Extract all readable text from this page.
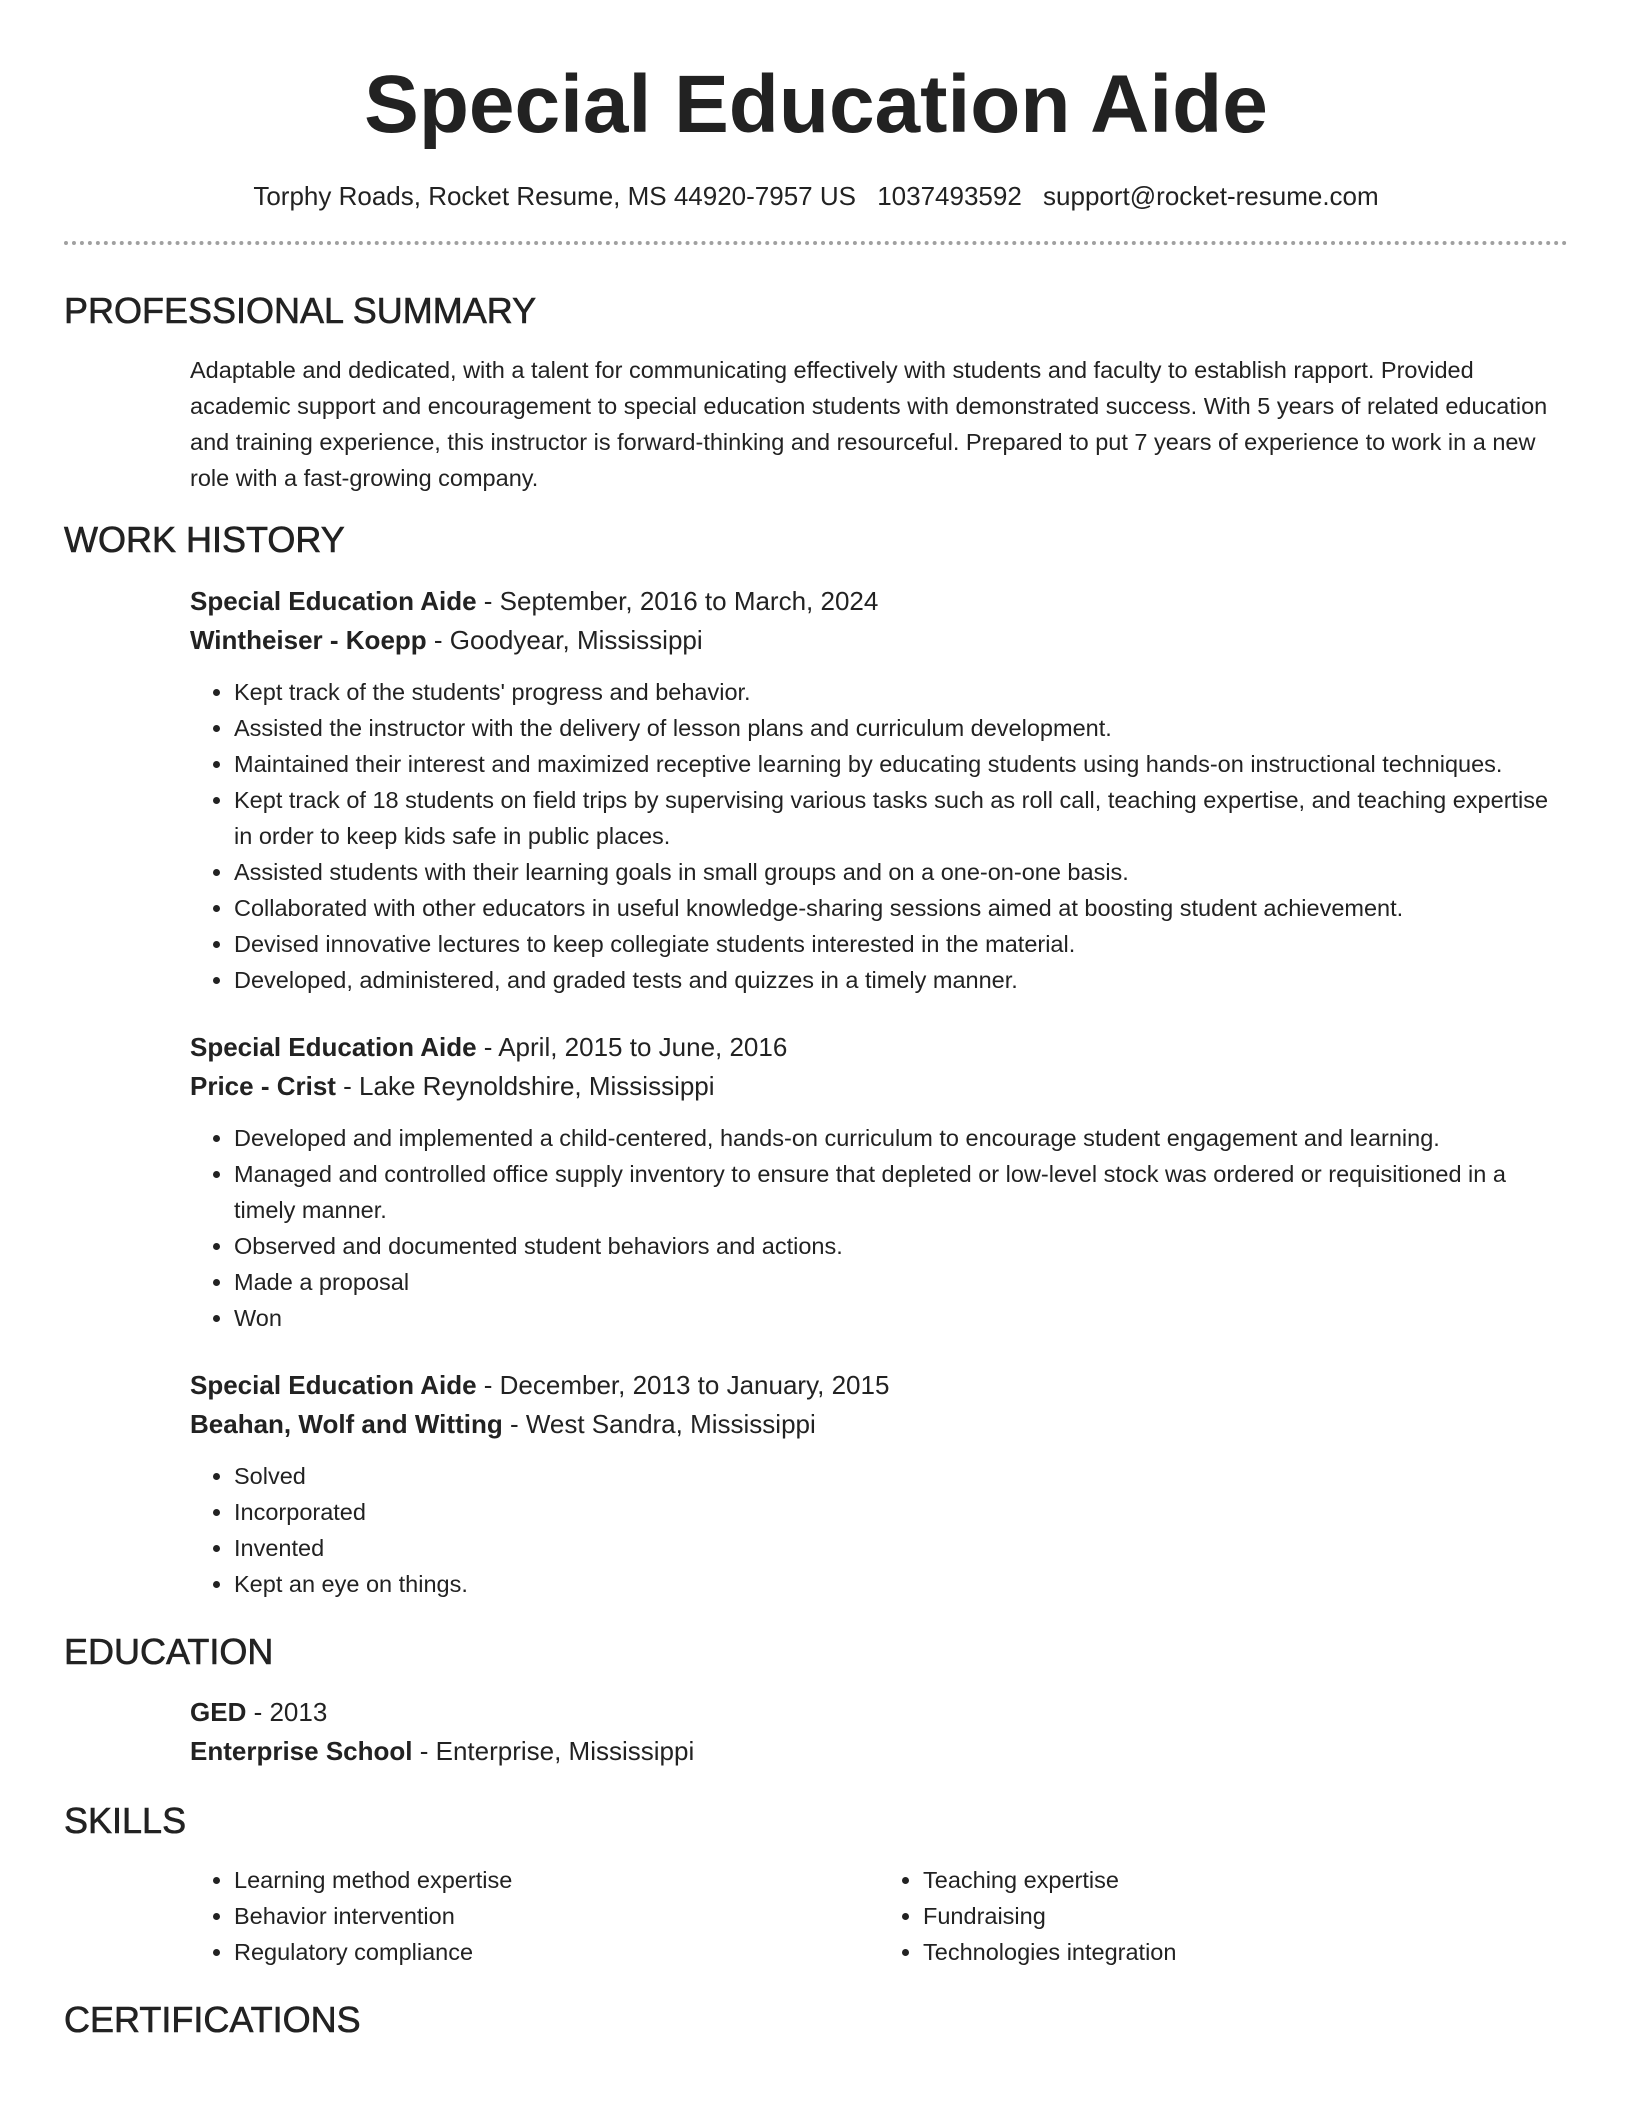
Special Education Aide
Torphy Roads, Rocket Resume, MS 44920-7957 US 1037493592 support@rocket-resume.com
PROFESSIONAL SUMMARY

Adaptable and dedicated, with a talent for communicating effectively with students and faculty to establish rapport. Provided academic support and encouragement to special education students with demonstrated success. With 5 years of related education and training experience, this instructor is forward-thinking and resourceful. Prepared to put 7 years of experience to work in a new role with a fast-growing company.

WORK HISTORY

Special Education Aide - September, 2016 to March, 2024

Wintheiser - Koepp - Goodyear, Mississippi

• Kept track of the students' progress and behavior.
• Assisted the instructor with the delivery of lesson plans and curriculum development.
• Maintained their interest and maximized receptive learning by educating students using hands-on instructional techniques.
• Kept track of 18 students on field trips by supervising various tasks such as roll call, teaching expertise, and teaching expertise in order to keep kids safe in public places.
• Assisted students with their learning goals in small groups and on a one-on-one basis.
• Collaborated with other educators in useful knowledge-sharing sessions aimed at boosting student achievement.
• Devised innovative lectures to keep collegiate students interested in the material.
• Developed, administered, and graded tests and quizzes in a timely manner.

Special Education Aide - April, 2015 to June, 2016

Price - Crist - Lake Reynoldshire, Mississippi

• Developed and implemented a child-centered, hands-on curriculum to encourage student engagement and learning.
• Managed and controlled office supply inventory to ensure that depleted or low-level stock was ordered or requisitioned in a timely manner.
• Observed and documented student behaviors and actions.
• Made a proposal
• Won

Special Education Aide - December, 2013 to January, 2015

Beahan, Wolf and Witting - West Sandra, Mississippi

• Solved
• Incorporated
• Invented
• Kept an eye on things.
EDUCATION

GED - 2013

Enterprise School - Enterprise, Mississippi

SKILLS
• Learning method expertise
• Behavior intervention
• Regulatory compliance
• Teaching expertise
• Fundraising
• Technologies integration
CERTIFICATIONS
